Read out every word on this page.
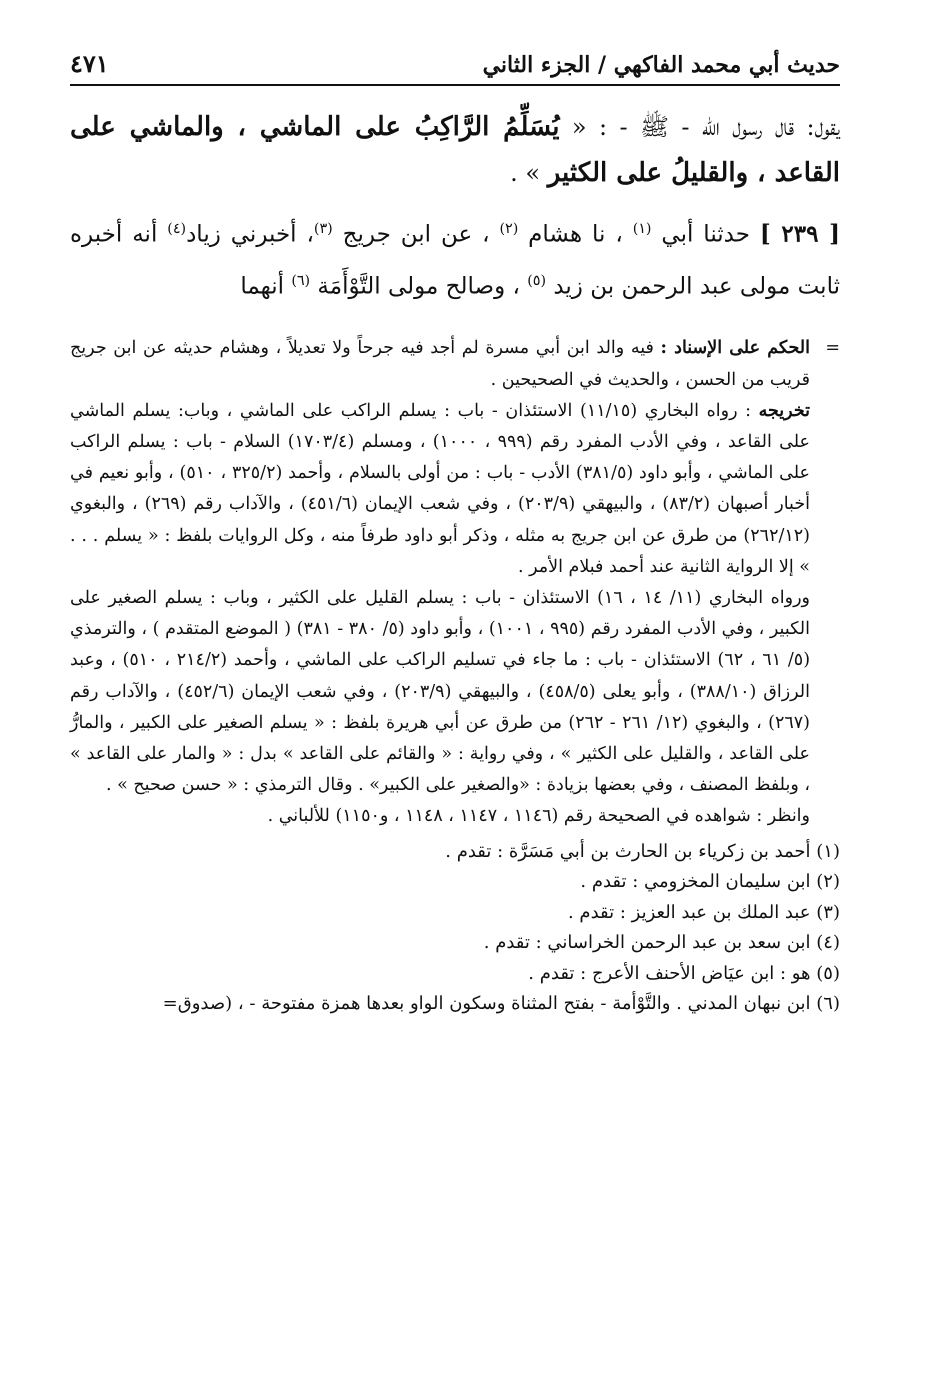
حديث أبي محمد الفاكهي / الجزء الثاني
٤٧١
يقول: قال رسول الله - ﷺ - : « يُسَلِّمُ الرَّاكِبُ على الماشي ، والماشي على القاعد ، والقليلُ على الكثير » .
[ ٢٣٩ ] حدثنا أبي $^{(١)}$ ، نا هشام $^{(٢)}$ ، عن ابن جريج $^{(٣)}$، أخبرني زياد$^{(٤)}$ أنه أخبره ثابت مولى عبد الرحمن بن زيد $^{(٥)}$ ، وصالح مولى التَّوْأَمَة $^{(٦)}$ أنهما
=
الحكم على الإسناد : فيه والد ابن أبي مسرة لم أجد فيه جرحاً ولا تعديلاً ، وهشام حديثه عن ابن جريج قريب من الحسن ، والحديث في الصحيحين .
تخريجه : رواه البخاري (١١/١٥) الاستئذان - باب : يسلم الراكب على الماشي ، وباب: يسلم الماشي على القاعد ، وفي الأدب المفرد رقم (٩٩٩ ، ١٠٠٠) ، ومسلم (١٧٠٣/٤) السلام - باب : يسلم الراكب على الماشي ، وأبو داود (٣٨١/٥) الأدب - باب : من أولى بالسلام ، وأحمد (٣٢٥/٢ ، ٥١٠) ، وأبو نعيم في أخبار أصبهان (٨٣/٢) ، والبيهقي (٢٠٣/٩) ، وفي شعب الإيمان (٤٥١/٦) ، والآداب رقم (٢٦٩) ، والبغوي (٢٦٢/١٢) من طرق عن ابن جريج به مثله ، وذكر أبو داود طرفاً منه ، وكل الروايات بلفظ : « يسلم . . . » إلا الرواية الثانية عند أحمد فبلام الأمر .
ورواه البخاري (١١/ ١٤ ، ١٦) الاستئذان - باب : يسلم القليل على الكثير ، وباب : يسلم الصغير على الكبير ، وفي الأدب المفرد رقم (٩٩٥ ، ١٠٠١) ، وأبو داود (٥/ ٣٨٠ - ٣٨١) ( الموضع المتقدم ) ، والترمذي (٥/ ٦١ ، ٦٢) الاستئذان - باب : ما جاء في تسليم الراكب على الماشي ، وأحمد (٢١٤/٢ ، ٥١٠) ، وعبد الرزاق (٣٨٨/١٠) ، وأبو يعلى (٤٥٨/٥) ، والبيهقي (٢٠٣/٩) ، وفي شعب الإيمان (٤٥٢/٦) ، والآداب رقم (٢٦٧) ، والبغوي (١٢/ ٢٦١ - ٢٦٢) من طرق عن أبي هريرة بلفظ : « يسلم الصغير على الكبير ، والمارُّ على القاعد ، والقليل على الكثير » ، وفي رواية : « والقائم على القاعد » بدل : « والمار على القاعد » ، وبلفظ المصنف ، وفي بعضها بزيادة : «والصغير على الكبير» . وقال الترمذي : « حسن صحيح » .
وانظر : شواهده في الصحيحة رقم (١١٤٦ ، ١١٤٧ ، ١١٤٨ ، و١١٥٠) للألباني .
(١) أحمد بن زكرياء بن الحارث بن أبي مَسَرَّة : تقدم .
(٢) ابن سليمان المخزومي : تقدم .
(٣) عبد الملك بن عبد العزيز : تقدم .
(٤) ابن سعد بن عبد الرحمن الخراساني : تقدم .
(٥) هو : ابن عيَاض الأحنف الأعرج : تقدم .
(٦) ابن نبهان المدني . والتَّوْأمة - بفتح المثناة وسكون الواو بعدها همزة مفتوحة - ، (صدوق=
